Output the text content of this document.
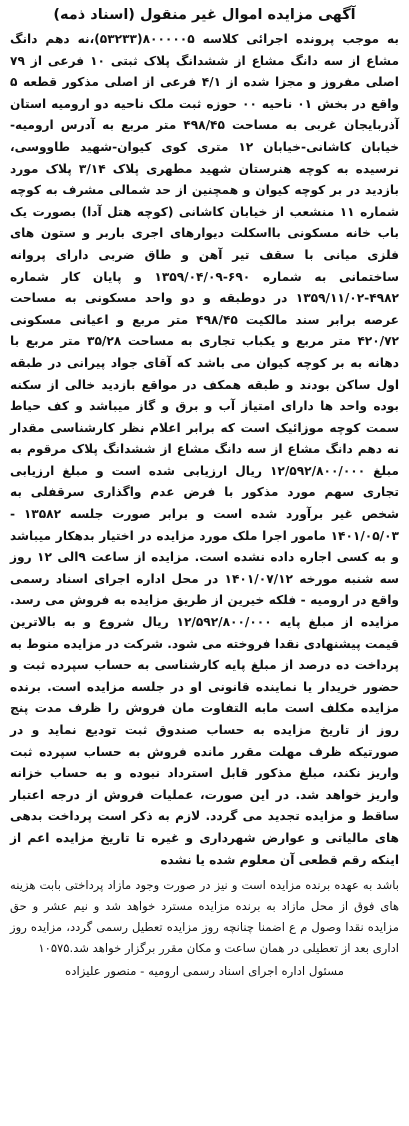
آگهی مزایده اموال غیر منقول (اسناد ذمه)

به موجب پرونده اجرائی کلاسه ۸۰۰۰۰۰۵(۵۳۲۳۳)،نه دهم دانگ مشاع از سه دانگ مشاع از ششدانگ پلاک ثبتی ۱۰ فرعی از ۷۹ اصلی مفروز و مجزا شده از ۴/۱ فرعی از اصلی مذکور قطعه ۵ واقع در بخش ۰۱ ناحیه ۰۰ حوزه ثبت ملک ناحیه دو ارومیه استان آذربایجان غربی به مساحت ۴۹۸/۴۵ متر مربع به آدرس ارومیه-خیابان کاشانی-خیابان ۱۲ متری کوی کیوان-شهید طاووسی، نرسیده به کوچه هنرستان شهید مطهری پلاک ۳/۱۴ پلاک مورد بازدید در بر کوچه کیوان و همچنین از حد شمالی مشرف به کوچه شماره ۱۱ منشعب از خیابان کاشانی (کوچه هتل آدا) بصورت یک باب خانه مسکونی بااسکلت دیوارهای اجری باربر و ستون های فلزی میانی با سقف تیر آهن و طاق ضربی دارای پروانه ساختمانی به شماره ۶۹۰-۱۳۵۹/۰۴/۰۹ و پایان کار شماره ۴۹۸۲-۱۳۵۹/۱۱/۰۲ در دوطبقه و دو واحد مسکونی به مساحت عرصه برابر سند مالکیت ۴۹۸/۴۵ متر مربع و اعیانی مسکونی ۴۲۰/۷۲ متر مربع و یکباب تجاری به مساحت ۳۵/۲۸ متر مربع با دهانه به بر کوچه کیوان می باشد که آقای جواد پیرانی در طبقه اول ساکن بودند و طبقه همکف در مواقع بازدید خالی از سکنه بوده واحد ها دارای امتیاز آب و برق و گاز میباشد و کف حیاط سمت کوچه موزائیک است که برابر اعلام نظر کارشناسی مقدار نه دهم دانگ مشاع از سه دانگ مشاع از ششدانگ پلاک مرقوم به مبلغ ۱۲/۵۹۲/۸۰۰/۰۰۰ ریال ارزیابی شده است و مبلغ ارزیابی تجاری سهم مورد مذکور با فرض عدم واگذاری سرقفلی به شخص غیر برآورد شده است و برابر صورت جلسه ۱۳۵۸۲ - ۱۴۰۱/۰۵/۰۳ مامور اجرا ملک مورد مزایده در اختیار بدهکار میباشد و به کسی اجاره داده نشده است. مزایده از ساعت ۹الی ۱۲ روز سه شنبه مورخه ۱۴۰۱/۰۷/۱۲ در محل اداره اجرای اسناد رسمی واقع در ارومیه - فلکه خیرین از طریق مزایده به فروش می رسد. مزایده از مبلغ پایه ۱۲/۵۹۲/۸۰۰/۰۰۰ ریال شروع و به بالاترین قیمت پیشنهادی نقدا فروخته می شود. شرکت در مزایده منوط به پرداخت ده درصد از مبلغ پایه کارشناسی به حساب سپرده ثبت و حضور خریدار یا نماینده قانونی او در جلسه مزایده است. برنده مزایده مکلف است مابه التفاوت مان فروش را ظرف مدت پنج روز از تاریخ مزایده به حساب صندوق ثبت تودیع نماید و در صورتیکه ظرف مهلت مقرر مانده فروش به حساب سپرده ثبت واریز نکند، مبلغ مذکور قابل استرداد نبوده و به حساب خزانه واریز خواهد شد. در این صورت، عملیات فروش از درجه اعتبار ساقط و مزایده تجدید می گردد. لازم به ذکر است پرداخت بدهی های مالیاتی و عوارض شهرداری و غیره تا تاریخ مزایده اعم از اینکه رقم قطعی آن معلوم شده یا نشده

باشد به عهده برنده مزایده است و نیز در صورت وجود مازاد پرداختی بابت هزینه های فوق از محل مازاد به برنده مزایده مسترد خواهد شد و نیم عشر و حق مزایده نقدا وصول م ع اضمنا چنانچه روز مزایده تعطیل رسمی گردد، مزایده روز اداری بعد از تعطیلی در همان ساعت و مکان مقرر برگزار خواهد شد.۱۰۵۷۵

مسئول اداره اجرای اسناد رسمی ارومیه - منصور علیزاده
